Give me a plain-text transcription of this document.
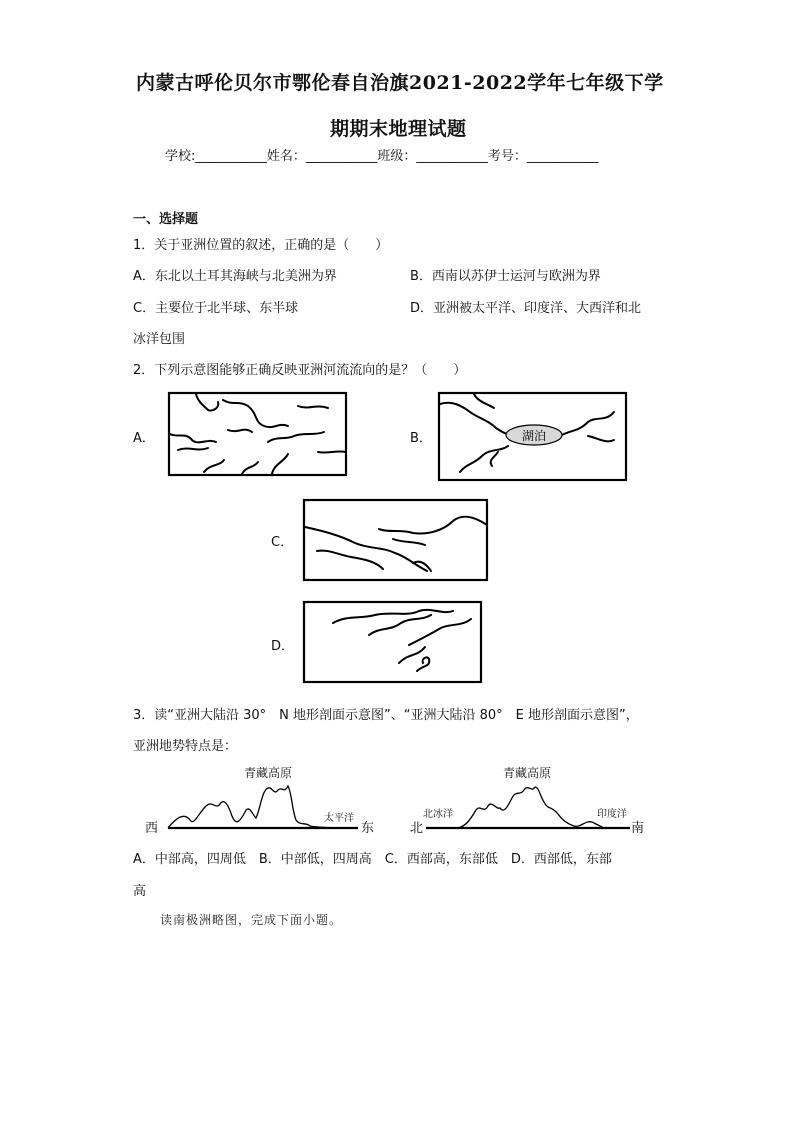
内蒙古呼伦贝尔市鄂伦春自治旗2021-2022学年七年级下学
期期末地理试题
学校:___________姓名：___________班级：___________考号：___________
一、选择题
1．关于亚洲位置的叙述，正确的是（　　）
A．东北以土耳其海峡与北美洲为界	B．西南以苏伊士运河与欧洲为界
C．主要位于北半球、东半球	D．亚洲被太平洋、印度洋、大西洋和北
冰洋包围
2．下列示意图能够正确反映亚洲河流流向的是？（　　）
A．	B．	湖泊
C．
D．
3．读“亚洲大陆沿 30°　N 地形剖面示意图”、“亚洲大陆沿 80°　E 地形剖面示意图”，
亚洲地势特点是：
青藏高原
西	东
太平洋
青藏高原
北	南
北冰洋	印度洋
A．中部高，四周低　B．中部低，四周高　C．西部高，东部低　D．西部低，东部
高
读南极洲略图，完成下面小题。
